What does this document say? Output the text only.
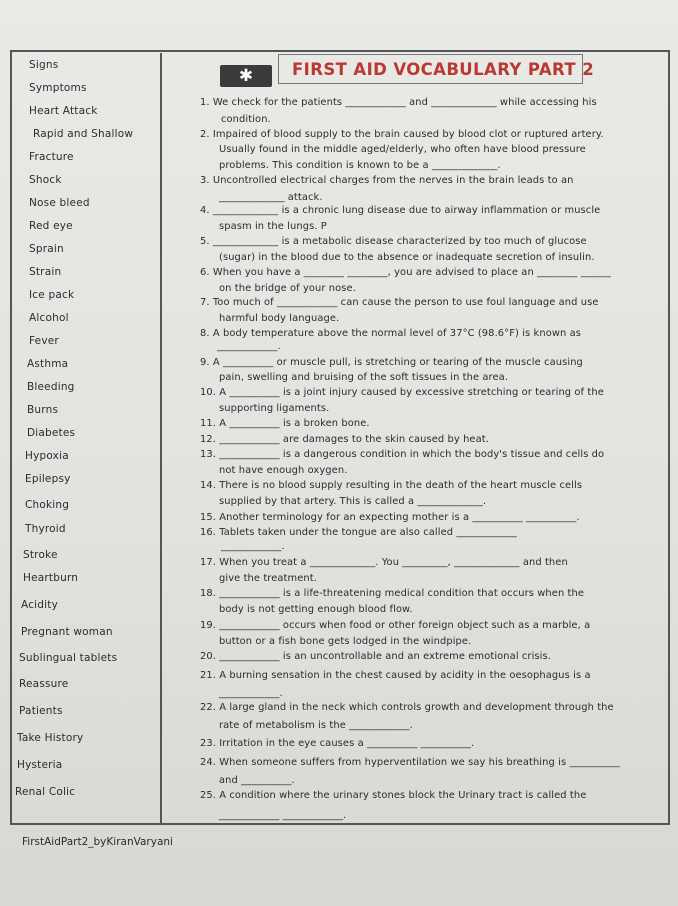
Signs
Symptoms
Heart Attack
Rapid and Shallow
Fracture
Shock
Nose bleed
Red eye
Sprain
Strain
Ice pack
Alcohol
Fever
Asthma
Bleeding
Burns
Diabetes
Hypoxia
Epilepsy
Choking
Thyroid
Stroke
Heartburn
Acidity
Pregnant woman
Sublingual tablets
Reassure
Patients
Take History
Hysteria
Renal Colic
✱	FIRST AID VOCABULARY PART 2
1. We check for the patients ____________ and _____________ while accessing his
condition.
2. Impaired of blood supply to the brain caused by blood clot or ruptured artery.
Usually found in the middle aged/elderly, who often have blood pressure
problems. This condition is known to be a _____________.
3. Uncontrolled electrical charges from the nerves in the brain leads to an
_____________ attack.
4. _____________ is a chronic lung disease due to airway inflammation or muscle
spasm in the lungs. P
5. _____________ is a metabolic disease characterized by too much of glucose
(sugar) in the blood due to the absence or inadequate secretion of insulin.
6. When you have a ________ ________, you are advised to place an ________ ______
on the bridge of your nose.
7. Too much of ____________ can cause the person to use foul language and use
harmful body language.
8. A body temperature above the normal level of 37°C (98.6°F) is known as
____________.
9. A __________ or muscle pull, is stretching or tearing of the muscle causing
pain, swelling and bruising of the soft tissues in the area.
10. A __________ is a joint injury caused by excessive stretching or tearing of the
supporting ligaments.
11. A __________ is a broken bone.
12. ____________ are damages to the skin caused by heat.
13. ____________ is a dangerous condition in which the body's tissue and cells do
not have enough oxygen.
14. There is no blood supply resulting in the death of the heart muscle cells
supplied by that artery. This is called a _____________.
15. Another terminology for an expecting mother is a __________ __________.
16. Tablets taken under the tongue are also called ____________
____________.
17. When you treat a _____________. You _________, _____________ and then
give the treatment.
18. ____________ is a life-threatening medical condition that occurs when the
body is not getting enough blood flow.
19. ____________ occurs when food or other foreign object such as a marble, a
button or a fish bone gets lodged in the windpipe.
20. ____________ is an uncontrollable and an extreme emotional crisis.
21. A burning sensation in the chest caused by acidity in the oesophagus is a
____________.
22. A large gland in the neck which controls growth and development through the
rate of metabolism is the ____________.
23. Irritation in the eye causes a __________ __________.
24. When someone suffers from hyperventilation we say his breathing is __________
and __________.
25. A condition where the urinary stones block the Urinary tract is called the
____________ ____________.
FirstAidPart2_byKiranVaryani
